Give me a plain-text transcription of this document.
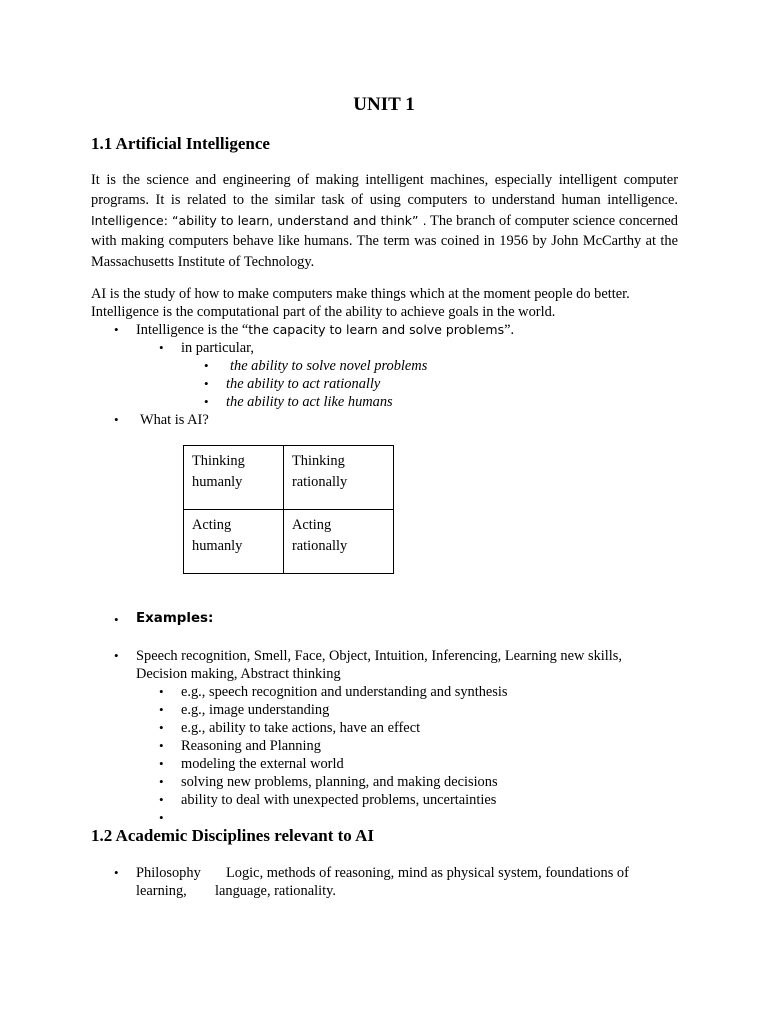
UNIT 1
1.1 Artificial Intelligence
It is the science and engineering of making intelligent machines, especially intelligent computer programs. It is related to the similar task of using computers to understand human intelligence. Intelligence: “ability to learn, understand and think” . The branch of computer science concerned with making computers behave like humans. The term was coined in 1956 by John McCarthy at the Massachusetts Institute of Technology.
AI is the study of how to make computers make things which at the moment people do better.
Intelligence is the computational part of the ability to achieve goals in the world.
• Intelligence is the “the capacity to learn and solve problems”.
• in particular,
• the ability to solve novel problems
• the ability to act rationally
• the ability to act like humans
• What is AI?
Thinking humanly	Thinking rationally
Acting humanly	Acting rationally
• Examples:
• Speech recognition, Smell, Face, Object, Intuition, Inferencing, Learning new skills,
Decision making, Abstract thinking
• e.g., speech recognition and understanding and synthesis
• e.g., image understanding
• e.g., ability to take actions, have an effect
• Reasoning and Planning
• modeling the external world
• solving new problems, planning, and making decisions
• ability to deal with unexpected problems, uncertainties
•
1.2 Academic Disciplines relevant to AI
• Philosophy Logic, methods of reasoning, mind as physical system, foundations of
learning, language, rationality.
